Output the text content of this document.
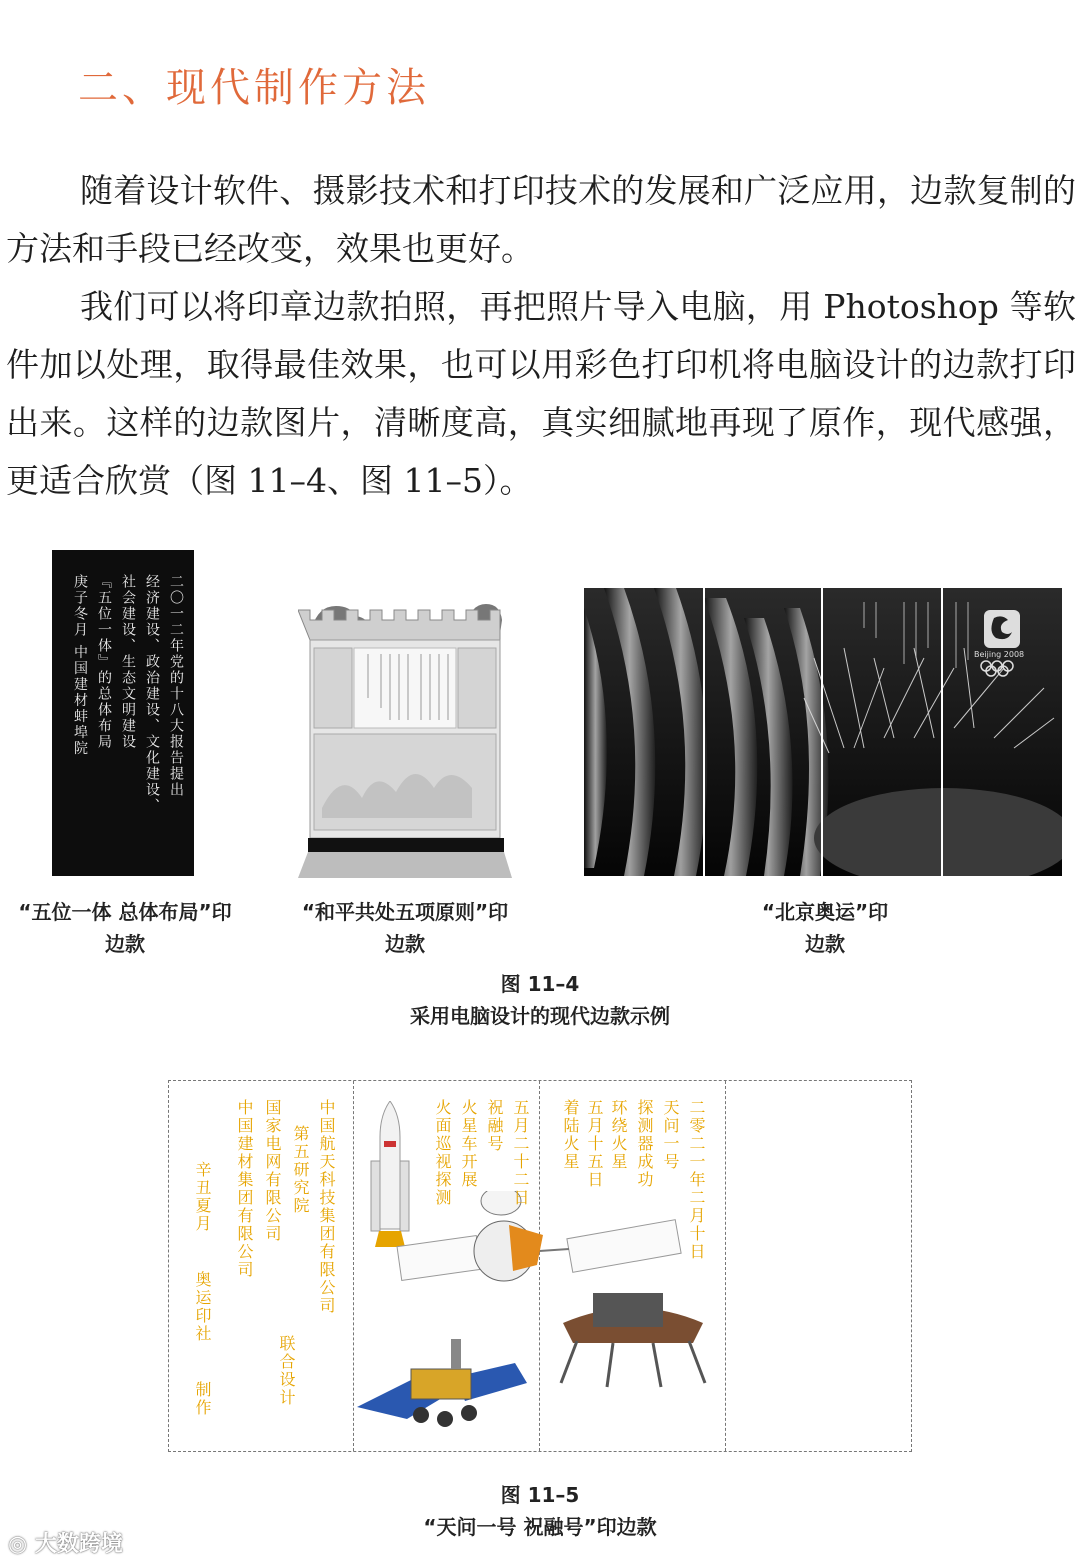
二、现代制作方法

随着设计软件、摄影技术和打印技术的发展和广泛应用，边款复制的方法和手段已经改变，效果也更好。

我们可以将印章边款拍照，再把照片导入电脑，用 Photoshop 等软件加以处理，取得最佳效果，也可以用彩色打印机将电脑设计的边款打印出来。这样的边款图片，清晰度高，真实细腻地再现了原作，现代感强，更适合欣赏（图 11–4、图 11–5）。

二〇一二年党的十八大报告提出
经济建设、政治建设、文化建设、
社会建设、生态文明建设
『五位一体』的总体布局
庚子冬月 中国建材蚌埠院
“五位一体 总体布局”印
边款
“和平共处五项原则”印
边款
Beijing 2008
“北京奥运”印
边款
图 11–4
采用电脑设计的现代边款示例
中国航天科技集团有限公司
第五研究院
国家电网有限公司
中国建材集团有限公司
辛丑夏月
奥运印社
制作	联合设计
五月二十二日
祝融号
火星车开展
火面巡视探测	二零二一年二月十日
天问一号
探测器成功
环绕火星
五月十五日
着陆火星
图 11–5
“天问一号 祝融号”印边款
◎ 大数跨境
